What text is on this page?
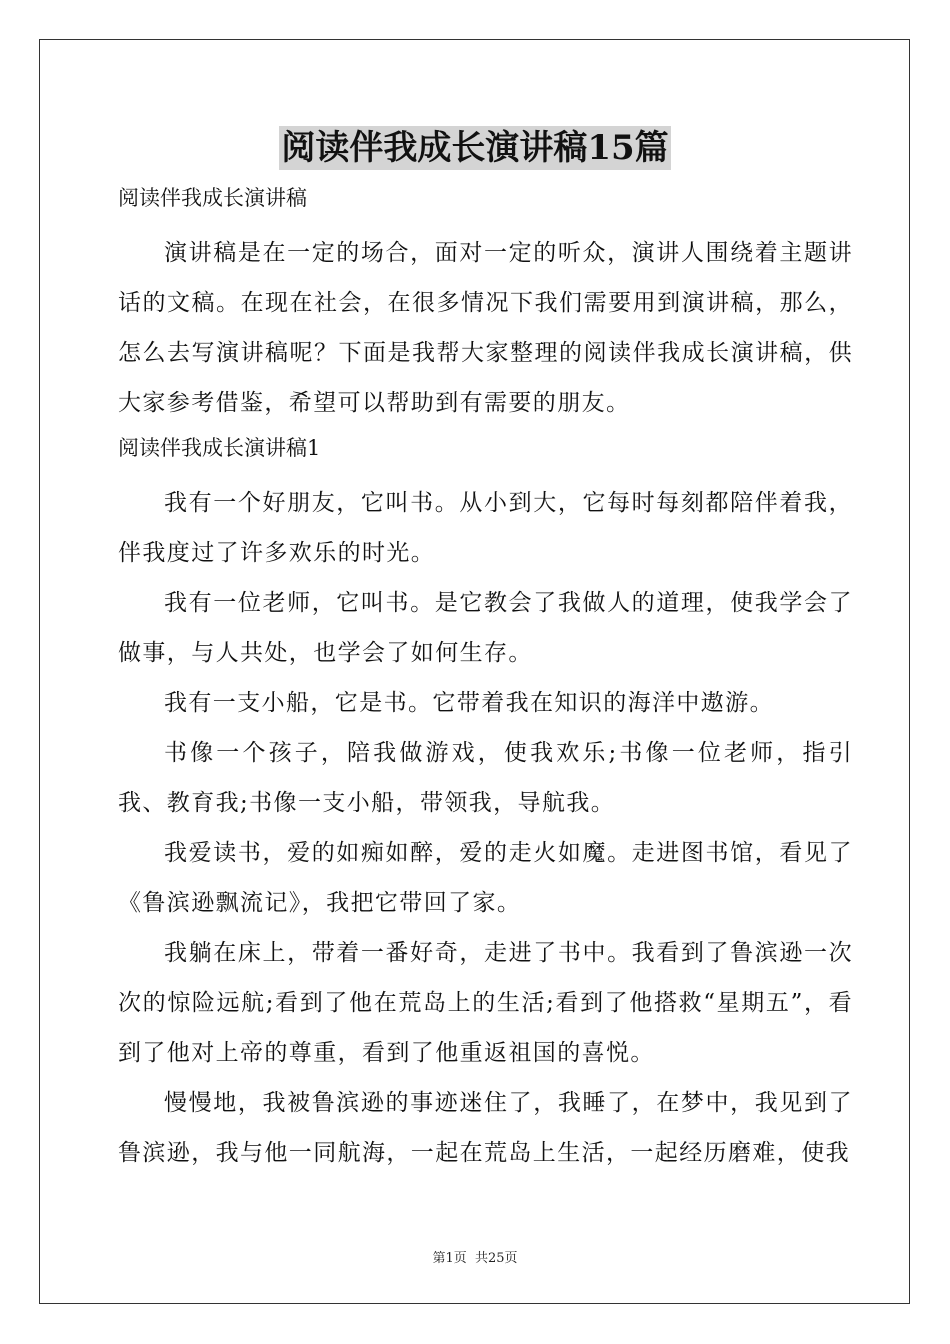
阅读伴我成长演讲稿15篇

阅读伴我成长演讲稿

演讲稿是在一定的场合，面对一定的听众，演讲人围绕着主题讲话的文稿。在现在社会，在很多情况下我们需要用到演讲稿，那么，怎么去写演讲稿呢？下面是我帮大家整理的阅读伴我成长演讲稿，供大家参考借鉴，希望可以帮助到有需要的朋友。

阅读伴我成长演讲稿1

我有一个好朋友，它叫书。从小到大，它每时每刻都陪伴着我，伴我度过了许多欢乐的时光。

我有一位老师，它叫书。是它教会了我做人的道理，使我学会了做事，与人共处，也学会了如何生存。

我有一支小船，它是书。它带着我在知识的海洋中遨游。

书像一个孩子，陪我做游戏，使我欢乐;书像一位老师，指引我、教育我;书像一支小船，带领我，导航我。

我爱读书，爱的如痴如醉，爱的走火如魔。走进图书馆，看见了《鲁滨逊飘流记》，我把它带回了家。

我躺在床上，带着一番好奇，走进了书中。我看到了鲁滨逊一次次的惊险远航;看到了他在荒岛上的生活;看到了他搭救“星期五”，看到了他对上帝的尊重，看到了他重返祖国的喜悦。

慢慢地，我被鲁滨逊的事迹迷住了，我睡了，在梦中，我见到了鲁滨逊，我与他一同航海，一起在荒岛上生活，一起经历磨难，使我

第1页 共25页
